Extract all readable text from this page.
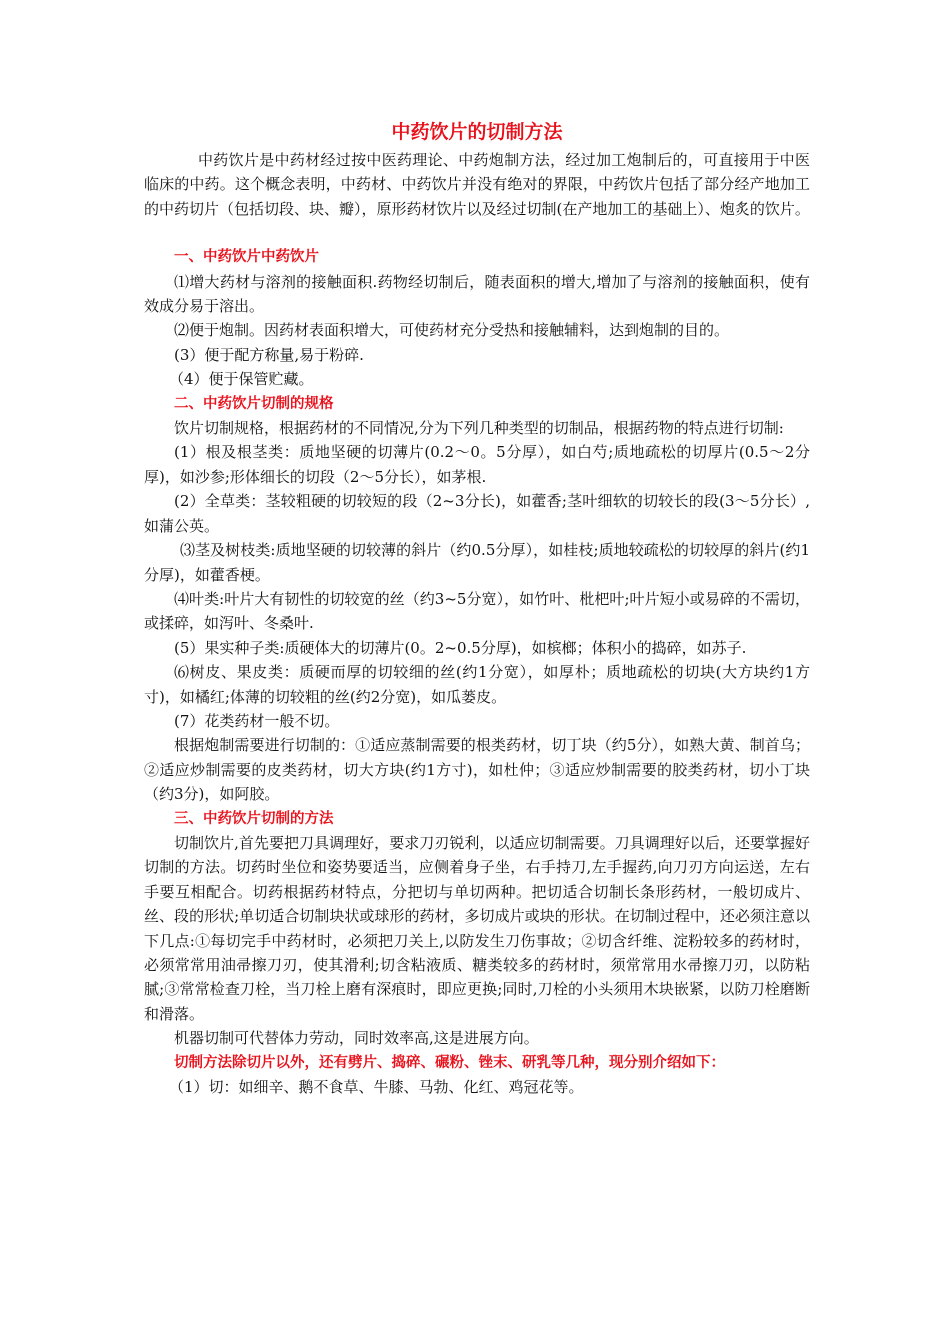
中药饮片的切制方法

中药饮片是中药材经过按中医药理论、中药炮制方法，经过加工炮制后的，可直接用于中医临床的中药。这个概念表明，中药材、中药饮片并没有绝对的界限，中药饮片包括了部分经产地加工的中药切片（包括切段、块、瓣），原形药材饮片以及经过切制(在产地加工的基础上）、炮炙的饮片。

一、中药饮片中药饮片

⑴增大药材与溶剂的接触面积.药物经切制后，随表面积的增大,增加了与溶剂的接触面积，使有效成分易于溶出。

⑵便于炮制。因药材表面积增大，可使药材充分受热和接触辅料，达到炮制的目的。

(3）便于配方称量,易于粉碎.

（4）便于保管贮藏。

二、中药饮片切制的规格

饮片切制规格，根据药材的不同情况,分为下列几种类型的切制品，根据药物的特点进行切制:

(1）根及根茎类：质地坚硬的切薄片(0.2～0。5分厚），如白芍;质地疏松的切厚片(0.5～2分厚)，如沙参;形体细长的切段（2～5分长），如茅根.

(2）全草类：茎较粗硬的切较短的段（2~3分长)，如藿香;茎叶细软的切较长的段(3～5分长）,如蒲公英。

⑶茎及树枝类:质地坚硬的切较薄的斜片（约0.5分厚），如桂枝;质地较疏松的切较厚的斜片(约1分厚)，如藿香梗。

⑷叶类:叶片大有韧性的切较宽的丝（约3~5分宽），如竹叶、枇杷叶;叶片短小或易碎的不需切，或揉碎，如泻叶、冬桑叶.

(5）果实种子类:质硬体大的切薄片(0。2~0.5分厚)，如槟榔；体积小的捣碎，如苏子.

⑹树皮、果皮类：质硬而厚的切较细的丝(约1分宽），如厚朴；质地疏松的切块(大方块约1方寸)，如橘红;体薄的切较粗的丝(约2分宽)，如瓜蒌皮。

(7）花类药材一般不切。

根据炮制需要进行切制的：①适应蒸制需要的根类药材，切丁块（约5分），如熟大黄、制首乌；②适应炒制需要的皮类药材，切大方块(约1方寸)，如杜仲；③适应炒制需要的胶类药材，切小丁块（约3分)，如阿胶。

三、中药饮片切制的方法

切制饮片,首先要把刀具调理好，要求刀刃锐利，以适应切制需要。刀具调理好以后，还要掌握好切制的方法。切药时坐位和姿势要适当，应侧着身子坐，右手持刀,左手握药,向刀刃方向运送，左右手要互相配合。切药根据药材特点，分把切与单切两种。把切适合切制长条形药材，一般切成片、丝、段的形状;单切适合切制块状或球形的药材，多切成片或块的形状。在切制过程中，还必须注意以下几点:①每切完手中药材时，必须把刀关上,以防发生刀伤事故；②切含纤维、淀粉较多的药材时，必须常常用油帚擦刀刃，使其滑利;切含粘液质、糖类较多的药材时，须常常用水帚擦刀刃，以防粘腻;③常常检查刀栓，当刀栓上磨有深痕时，即应更换;同时,刀栓的小头须用木块嵌紧，以防刀栓磨断和滑落。

机器切制可代替体力劳动，同时效率高,这是进展方向。

切制方法除切片以外，还有劈片、捣碎、碾粉、锉末、研乳等几种，现分别介绍如下：

（1）切：如细辛、鹅不食草、牛膝、马勃、化红、鸡冠花等。
